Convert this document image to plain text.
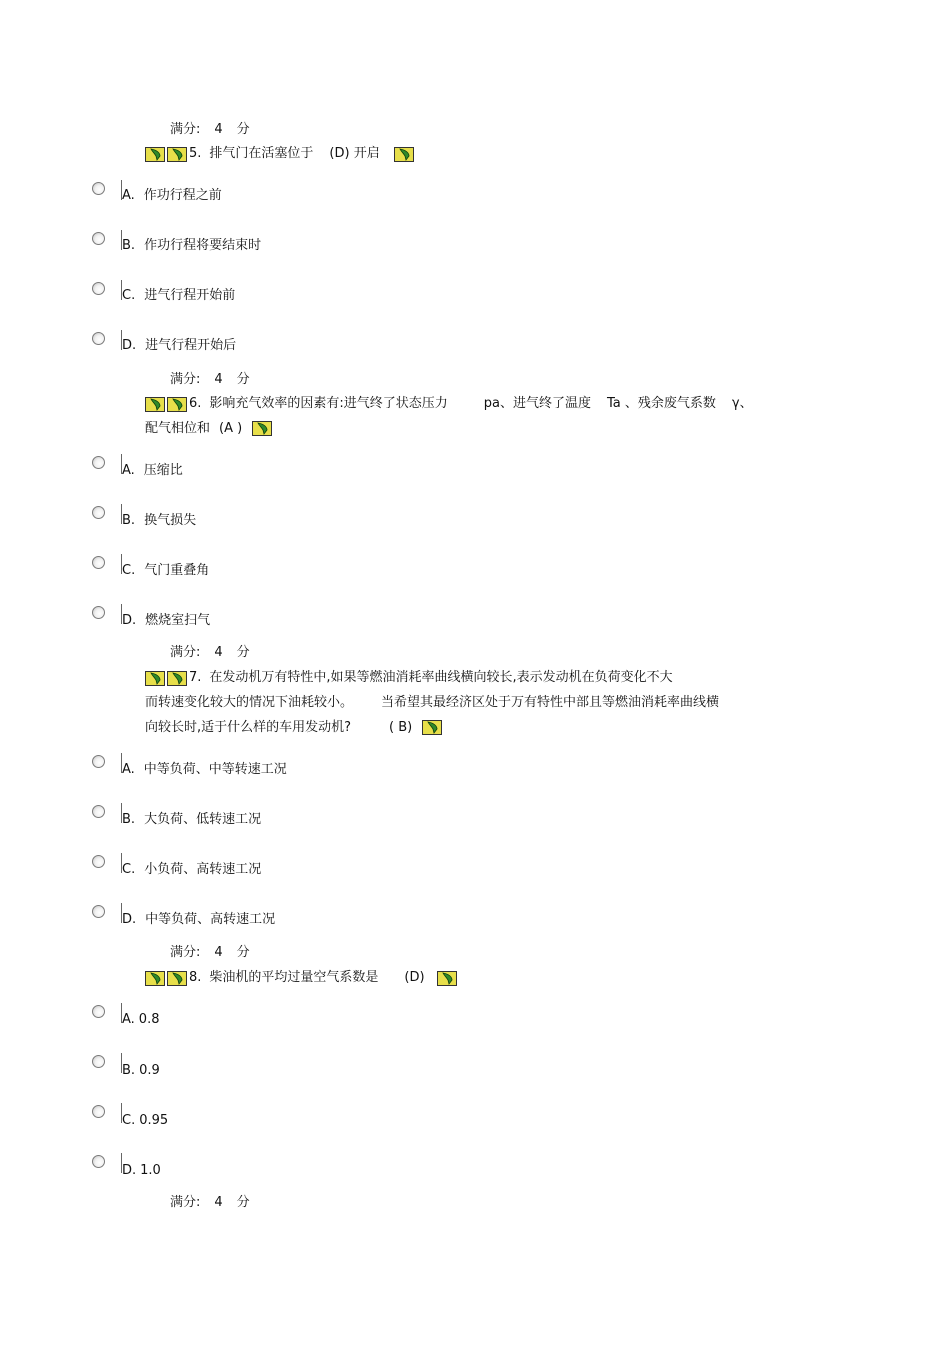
满分: 4 分
5. 排气门在活塞位于 (D) 开启
A. 作功行程之前
B. 作功行程将要结束时
C. 进气行程开始前
D. 进气行程开始后
满分: 4 分
6. 影响充气效率的因素有:进气终了状态压力	pa、进气终了温度 Ta 、残余废气系数 γ、
配气相位和 (A )
A. 压缩比
B. 换气损失
C. 气门重叠角
D. 燃烧室扫气
满分: 4 分
7. 在发动机万有特性中,如果等燃油消耗率曲线横向较长,表示发动机在负荷变化不大
而转速变化较大的情况下油耗较小。 当希望其最经济区处于万有特性中部且等燃油消耗率曲线横
向较长时,适于什么样的车用发动机?	( B)
A. 中等负荷、中等转速工况
B. 大负荷、低转速工况
C. 小负荷、高转速工况
D. 中等负荷、高转速工况
满分: 4 分
8. 柴油机的平均过量空气系数是 (D)
A. 0.8
B. 0.9
C. 0.95
D. 1.0
满分: 4 分
